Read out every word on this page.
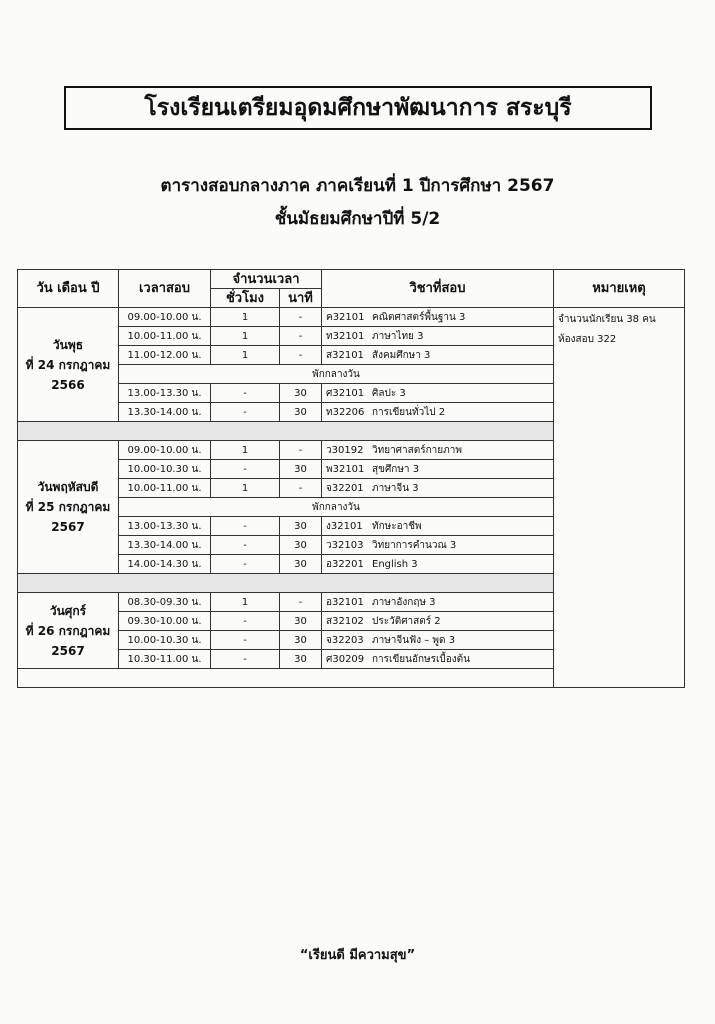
โรงเรียนเตรียมอุดมศึกษาพัฒนาการ สระบุรี
ตารางสอบกลางภาค ภาคเรียนที่ 1 ปีการศึกษา 2567
ชั้นมัธยมศึกษาปีที่ 5/2
วัน เดือน ปี	เวลาสอบ	จำนวนเวลา		วิชาที่สอบ	หมายเหตุ
		ชั่วโมง	นาที		
วันพุธ
ที่ 24 กรกฎาคม
2566	09.00-10.00 น.	1	-	ค32101 คณิตศาสตร์พื้นฐาน 3	จำนวนนักเรียน 38 คน
ห้องสอบ 322
	10.00-11.00 น.	1	-	ท32101 ภาษาไทย 3	
	11.00-12.00 น.	1	-	ส32101 สังคมศึกษา 3	
	พักกลางวัน				
	13.00-13.30 น.	-	30	ศ32101 ศิลปะ 3	
	13.30-14.00 น.	-	30	ท32206 การเขียนทั่วไป 2	

วันพฤหัสบดี
ที่ 25 กรกฎาคม
2567	09.00-10.00 น.	1	-	ว30192 วิทยาศาสตร์กายภาพ	
	10.00-10.30 น.	-	30	พ32101 สุขศึกษา 3	
	10.00-11.00 น.	1	-	จ32201 ภาษาจีน 3	
	พักกลางวัน				
	13.00-13.30 น.	-	30	ง32101 ทักษะอาชีพ	
	13.30-14.00 น.	-	30	ว32103 วิทยาการคำนวณ 3	
	14.00-14.30 น.	-	30	อ32201 English 3	

วันศุกร์
ที่ 26 กรกฎาคม
2567	08.30-09.30 น.	1	-	อ32101 ภาษาอังกฤษ 3	
	09.30-10.00 น.	-	30	ส32102 ประวัติศาสตร์ 2	
	10.00-10.30 น.	-	30	จ32203 ภาษาจีนฟัง – พูด 3	
	10.30-11.00 น.	-	30	ศ30209 การเขียนอักษรเบื้องต้น	

“เรียนดี มีความสุข”
